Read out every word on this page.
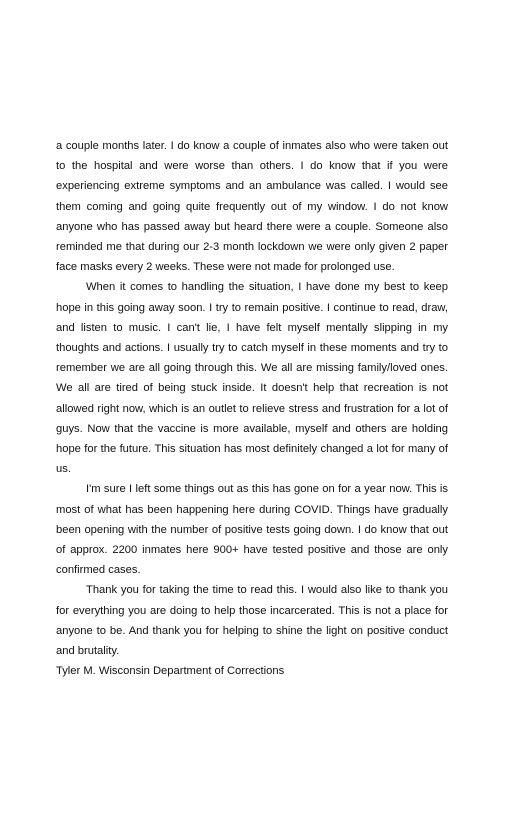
a couple months later. I do know a couple of inmates also who were taken out to the hospital and were worse than others. I do know that if you were experiencing extreme symptoms and an ambulance was called. I would see them coming and going quite frequently out of my window. I do not know anyone who has passed away but heard there were a couple. Someone also reminded me that during our 2-3 month lockdown we were only given 2 paper face masks every 2 weeks. These were not made for prolonged use.

When it comes to handling the situation, I have done my best to keep hope in this going away soon. I try to remain positive. I continue to read, draw, and listen to music. I can't lie, I have felt myself mentally slipping in my thoughts and actions. I usually try to catch myself in these moments and try to remember we are all going through this. We all are missing family/loved ones. We all are tired of being stuck inside. It doesn't help that recreation is not allowed right now, which is an outlet to relieve stress and frustration for a lot of guys. Now that the vaccine is more available, myself and others are holding hope for the future. This situation has most definitely changed a lot for many of us.

I'm sure I left some things out as this has gone on for a year now. This is most of what has been happening here during COVID. Things have gradually been opening with the number of positive tests going down. I do know that out of approx. 2200 inmates here 900+ have tested positive and those are only confirmed cases.

Thank you for taking the time to read this. I would also like to thank you for everything you are doing to help those incarcerated. This is not a place for anyone to be. And thank you for helping to shine the light on positive conduct and brutality.

Tyler M. Wisconsin Department of Corrections
